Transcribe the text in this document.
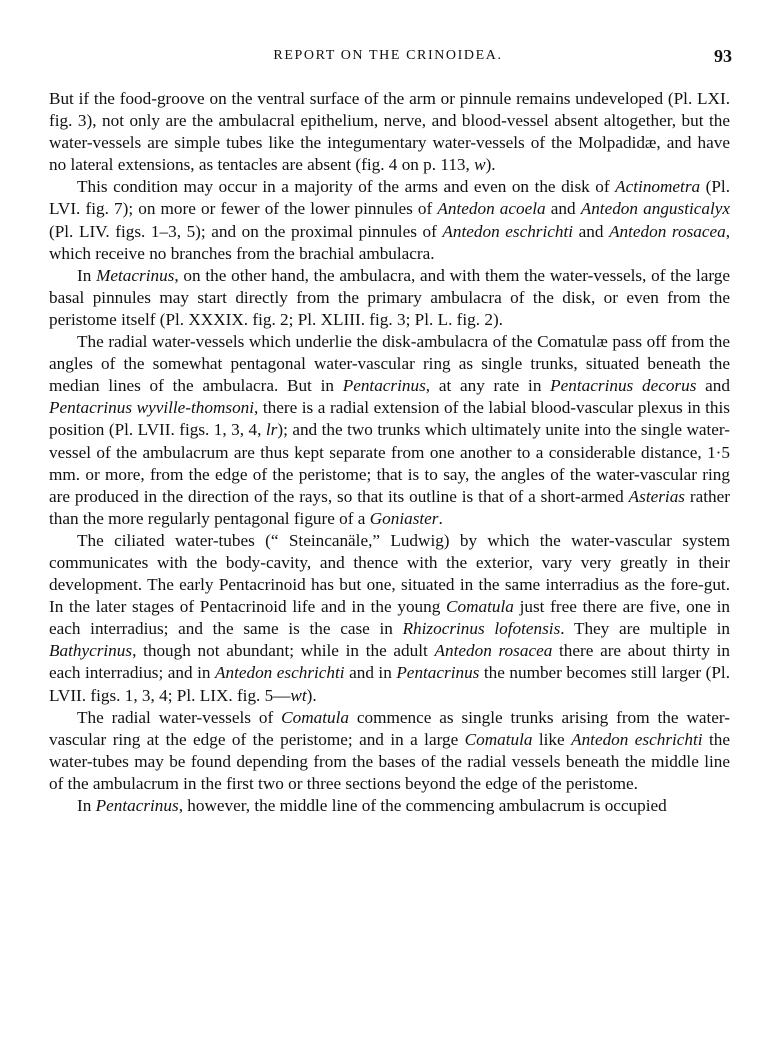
REPORT ON THE CRINOIDEA.	93

But if the food-groove on the ventral surface of the arm or pinnule remains undeveloped (Pl. LXI. fig. 3), not only are the ambulacral epithelium, nerve, and blood-vessel absent altogether, but the water-vessels are simple tubes like the integumentary water-vessels of the Molpadidæ, and have no lateral extensions, as tentacles are absent (fig. 4 on p. 113, w).

This condition may occur in a majority of the arms and even on the disk of Actinometra (Pl. LVI. fig. 7); on more or fewer of the lower pinnules of Antedon acoela and Antedon angusticalyx (Pl. LIV. figs. 1–3, 5); and on the proximal pinnules of Antedon eschrichti and Antedon rosacea, which receive no branches from the brachial ambulacra.

In Metacrinus, on the other hand, the ambulacra, and with them the water-vessels, of the large basal pinnules may start directly from the primary ambulacra of the disk, or even from the peristome itself (Pl. XXXIX. fig. 2; Pl. XLIII. fig. 3; Pl. L. fig. 2).

The radial water-vessels which underlie the disk-ambulacra of the Comatulæ pass off from the angles of the somewhat pentagonal water-vascular ring as single trunks, situated beneath the median lines of the ambulacra. But in Pentacrinus, at any rate in Pentacrinus decorus and Pentacrinus wyville-thomsoni, there is a radial extension of the labial blood-vascular plexus in this position (Pl. LVII. figs. 1, 3, 4, lr); and the two trunks which ultimately unite into the single water-vessel of the ambulacrum are thus kept separate from one another to a considerable distance, 1·5 mm. or more, from the edge of the peristome; that is to say, the angles of the water-vascular ring are produced in the direction of the rays, so that its outline is that of a short-armed Asterias rather than the more regularly pentagonal figure of a Goniaster.

The ciliated water-tubes (“ Steincanäle,” Ludwig) by which the water-vascular system communicates with the body-cavity, and thence with the exterior, vary very greatly in their development. The early Pentacrinoid has but one, situated in the same interradius as the fore-gut. In the later stages of Pentacrinoid life and in the young Comatula just free there are five, one in each interradius; and the same is the case in Rhizocrinus lofotensis. They are multiple in Bathycrinus, though not abundant; while in the adult Antedon rosacea there are about thirty in each interradius; and in Antedon eschrichti and in Pentacrinus the number becomes still larger (Pl. LVII. figs. 1, 3, 4; Pl. LIX. fig. 5—wt).

The radial water-vessels of Comatula commence as single trunks arising from the water-vascular ring at the edge of the peristome; and in a large Comatula like Antedon eschrichti the water-tubes may be found depending from the bases of the radial vessels beneath the middle line of the ambulacrum in the first two or three sections beyond the edge of the peristome.

In Pentacrinus, however, the middle line of the commencing ambulacrum is occupied
